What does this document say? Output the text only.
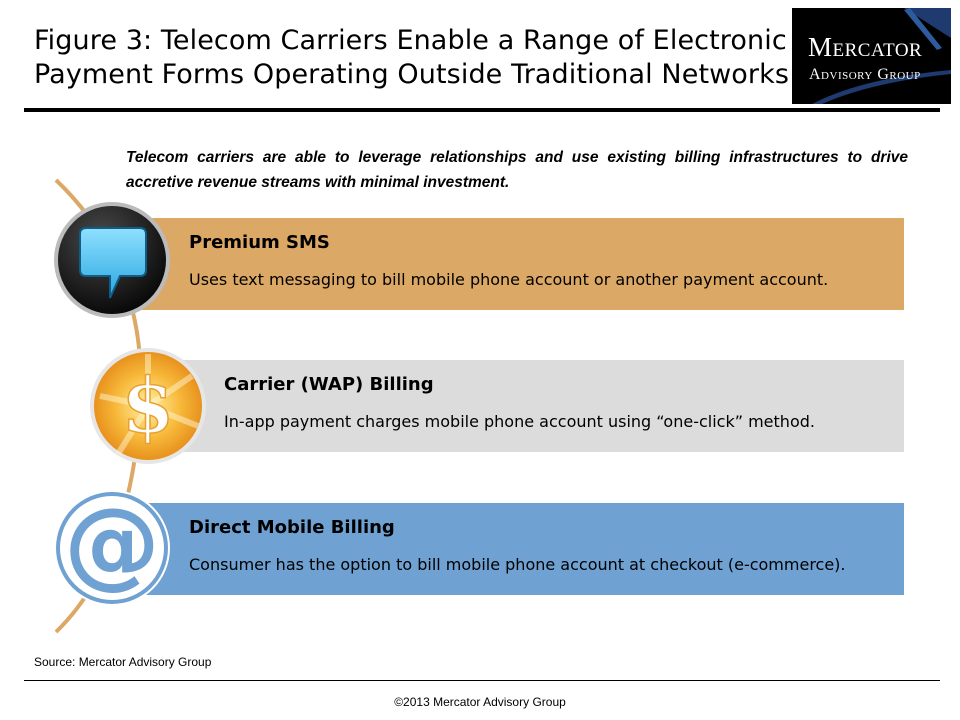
Figure 3: Telecom Carriers Enable a Range of Electronic
Payment Forms Operating Outside Traditional Networks
Mercator
Advisory Group
Telecom carriers are able to leverage relationships and use existing billing infrastructures to drive accretive revenue streams with minimal investment.
Premium SMS
Uses text messaging to bill mobile phone account or another payment account.
Carrier (WAP) Billing
In-app payment charges mobile phone account using “one-click” method.
Direct Mobile Billing
Consumer has the option to bill mobile phone account at checkout (e-commerce).
$
@
Source: Mercator Advisory Group
©2013 Mercator Advisory Group
